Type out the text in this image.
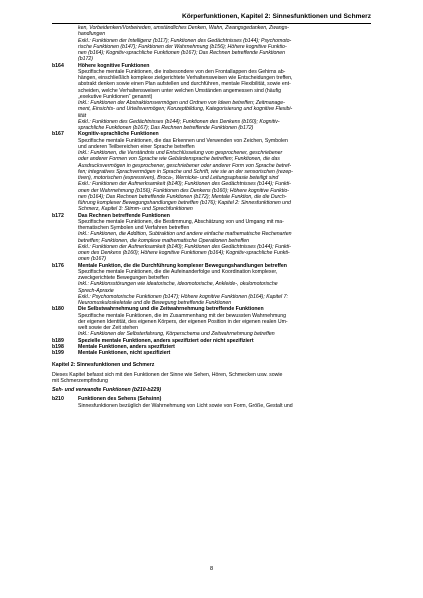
Körperfunktionen, Kapitel 2: Sinnesfunktionen und Schmerz
ken, Vorbeidenken/Vorbeireden, umständliches Denken, Wahn, Zwangsgedanken, Zwangs-
handlungen
Exkl.: Funktionen der Intelligenz (b117); Funktionen des Gedächtnisses (b144); Psychomoto-
rische Funktionen (b147); Funktionen der Wahrnehmung (b156); Höhere kognitive Funktio-
nen (b164); Kognitiv-sprachliche Funktionen (b167); Das Rechnen betreffende Funktionen
(b172)
b164	Höhere kognitive Funktionen
Spezifische mentale Funktionen, die insbesondere von den Frontallappen des Gehirns ab-
hängen, einschließlich komplexe zielgerichtete Verhaltensweisen wie Entscheidungen treffen,
abstrakt denken sowie einen Plan aufstellen und durchführen, mentale Flexibilität, sowie ent-
scheiden, welche Verhaltensweisen unter welchen Umständen angemessen sind (häufig
„exekutive Funktionen“ genannt)
Inkl.: Funktionen der Abstraktionsvermögen und Ordnen von Ideen betreffen; Zeitmanage-
ment, Einsichts- und Urteilsvermögen; Konzeptbildung, Kategorisierung und kognitive Flexibi-
lität
Exkl.: Funktionen des Gedächtnisses (b144); Funktionen des Denkens (b160); Kognitiv-
sprachliche Funktionen (b167); Das Rechnen betreffende Funktionen (b172)
b167	Kognitiv-sprachliche Funktionen
Spezifische mentale Funktionen, die das Erkennen und Verwenden von Zeichen, Symbolen
und anderen Teilbereichen einer Sprache betreffen
Inkl.: Funktionen, die Verständnis und Entschlüsselung von gesprochener, geschriebener
oder anderer Formen von Sprache wie Gebärdensprache betreffen; Funktionen, die das
Ausdrucksvermögen in gesprochener, geschriebener oder anderer Form von Sprache betref-
fen; integratives Sprachvermögen in Sprache und Schrift, wie sie an der sensorischen (rezep-
tiven), motorischen (expressiven), Broca-, Wernicke- und Leitungsaphasie beteiligt sind
Exkl.: Funktionen der Aufmerksamkeit (b140); Funktionen des Gedächtnisses (b144); Funkti-
onen der Wahrnehmung (b156); Funktionen des Denkens (b160); Höhere kognitive Funktio-
nen (b164); Das Rechnen betreffende Funktionen (b172); Mentale Funktion, die die Durch-
führung komplexer Bewegungshandlungen betreffen (b176); Kapitel 2: Sinnesfunktionen und
Schmerz, Kapitel 3: Stimm- und Sprechfunktionen
b172	Das Rechnen betreffende Funktionen
Spezifische mentale Funktionen, die Bestimmung, Abschätzung von und Umgang mit ma-
thematischen Symbolen und Verfahren betreffen
Inkl.: Funktionen, die Addition, Subtraktion und andere einfache mathematische Rechenarten
betreffen; Funktionen, die komplexe mathematische Operationen betreffen
Exkl.: Funktionen der Aufmerksamkeit (b140); Funktionen des Gedächtnisses (b144); Funkti-
onen des Denkens (b160); Höhere kognitive Funktionen (b164); Kognitiv-sprachliche Funkti-
onen (b167)
b176	Mentale Funktion, die die Durchführung komplexer Bewegungshandlungen betreffen
Spezifische mentale Funktionen, die die Aufeinanderfolge und Koordination komplexer,
zweckgerichtete Bewegungen betreffen
Inkl.: Funktionsstörungen wie ideatorische, ideomotorische, Ankleide-, okulomotorische
Sprech-Apraxie
Exkl.: Psychomotorische Funktionen (b147); Höhere kognitive Funktionen (b164); Kapitel 7:
Neuromuskuloskeletale und die Bewegung betreffende Funktionen
b180	Die Selbstwahrnehmung und die Zeitwahrnehmung betreffende Funktionen
Spezifische mentale Funktionen, die im Zusammenhang mit der bewussten Wahrnehmung
der eigenen Identität, des eigenen Körpers, der eigenen Position in der eigenen realen Um-
welt sowie der Zeit stehen
Inkl.: Funktionen der Selbsterfahrung, Körperschema und Zeitwahrnehmung betreffen
b189	Spezielle mentale Funktionen, anders spezifiziert oder nicht spezifiziert
b198	Mentale Funktionen, anders spezifiziert
b199	Mentale Funktionen, nicht spezifiziert
Kapitel 2: Sinnesfunktionen und Schmerz
Dieses Kapitel befasst sich mit den Funktionen der Sinne wie Sehen, Hören, Schmecken usw. sowie
mit Schmerzempfindung
Seh- und verwandte Funktionen (b210-b229)
b210	Funktionen des Sehens (Sehsinn)
Sinnesfunktionen bezüglich der Wahrnehmung von Licht sowie von Form, Größe, Gestalt und
8
